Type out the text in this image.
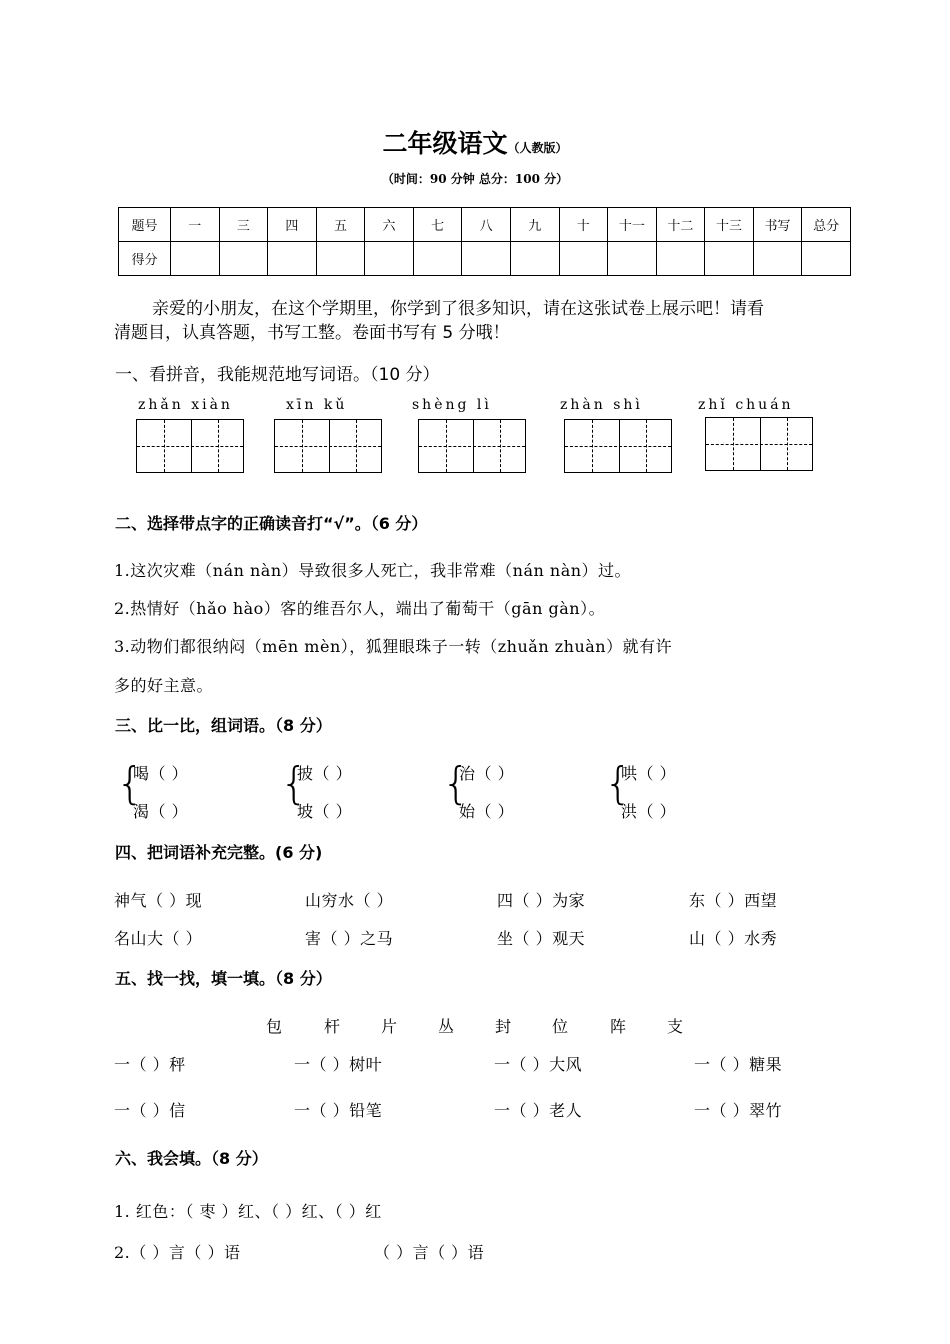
二年级语文（人教版）
（时间：90 分钟 总分：100 分）
题号	一	三	四	五	六	七	八	九	十	十一	十二	十三	书写	总分
得分														
亲爱的小朋友，在这个学期里，你学到了很多知识，请在这张试卷上展示吧！请看
清题目，认真答题，书写工整。卷面书写有 5 分哦！
一、看拼音，我能规范地写词语。（10 分）
zhǎn xiàn	xīn kǔ	shèng lì	zhàn shì	zhǐ chuán
二、选择带点字的正确读音打“√”。（6 分）
1.这次灾难（nán nàn）导致很多人死亡，我非常难（nán nàn）过。
2.热情好（hǎo hào）客的维吾尔人，端出了葡萄干（gān gàn）。
3.动物们都很纳闷（mēn mèn），狐狸眼珠子一转（zhuǎn zhuàn）就有许
多的好主意。
三、比一比，组词语。（8 分）
{
喝（ ）
渴（ ）
{
披（ ）
坡（ ）
{
治（ ）
始（ ）
{
哄（ ）
洪（ ）
四、把词语补充完整。(6 分)
神气（ ）现	山穷水（ ）	四（ ）为家	东（ ）西望
名山大（ ）	害（ ）之马	坐（ ）观天	山（ ）水秀
五、找一找，填一填。（8 分）
包	杆	片	丛	封	位	阵	支
一（ ）秤	一（ ）树叶	一（ ）大风	一（ ）糖果
一（ ）信	一（ ）铅笔	一（ ）老人	一（ ）翠竹
六、我会填。（8 分）
1. 红色：（ 枣 ）红、（ ）红、（ ）红
2.（ ）言（ ）语	（ ）言（ ）语
